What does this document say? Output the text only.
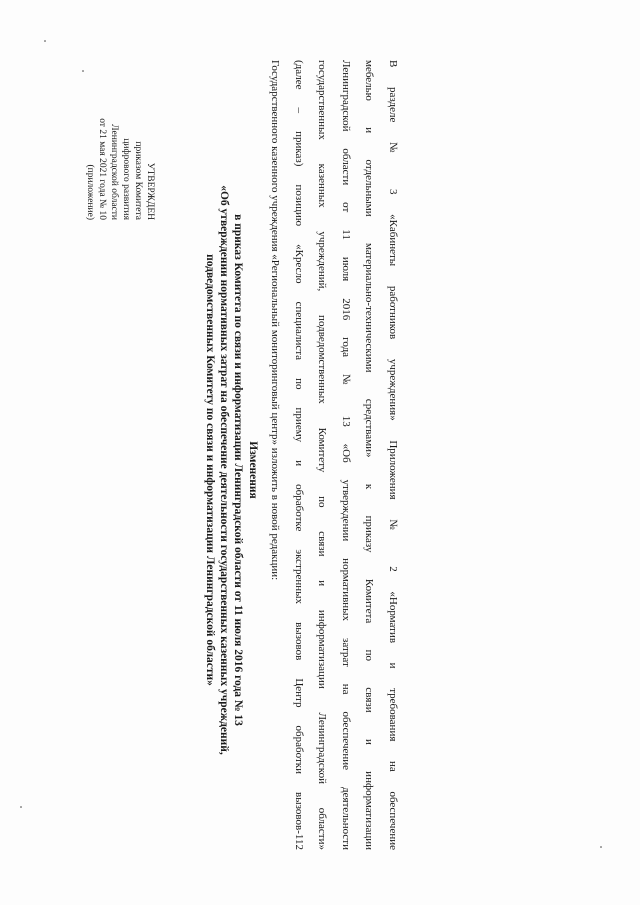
УТВЕРЖДЕН
приказом Комитета
цифрового развития
Ленинградской области
от 21 мая 2021 года № 10
(приложение)
Изменения
в приказ Комитета по связи и информатизации Ленинградской области от 11 июля 2016 года № 13
«Об утверждении нормативных затрат на обеспечение деятельности государственных казенных учреждений,
подведомственных Комитету по связи и информатизации Ленинградской области»	В разделе № 3 «Кабинеты работников учреждения» Приложения № 2 «Норматив и требования на обеспечение
мебелью и отдельными материально-техническими средствами» к приказу Комитета по связи и информатизации
Ленинградской области от 11 июля 2016 года № 13 «Об утверждении нормативных затрат на обеспечение деятельности
государственных казенных учреждений, подведомственных Комитету по связи и информатизации Ленинградской области»
(далее – приказ) позицию «Кресло специалиста по приему и обработке экстренных вызовов Центр обработки вызовов-112
Государственного казенного учреждения «Региональный мониторинговый центр» изложить в новой редакции:
